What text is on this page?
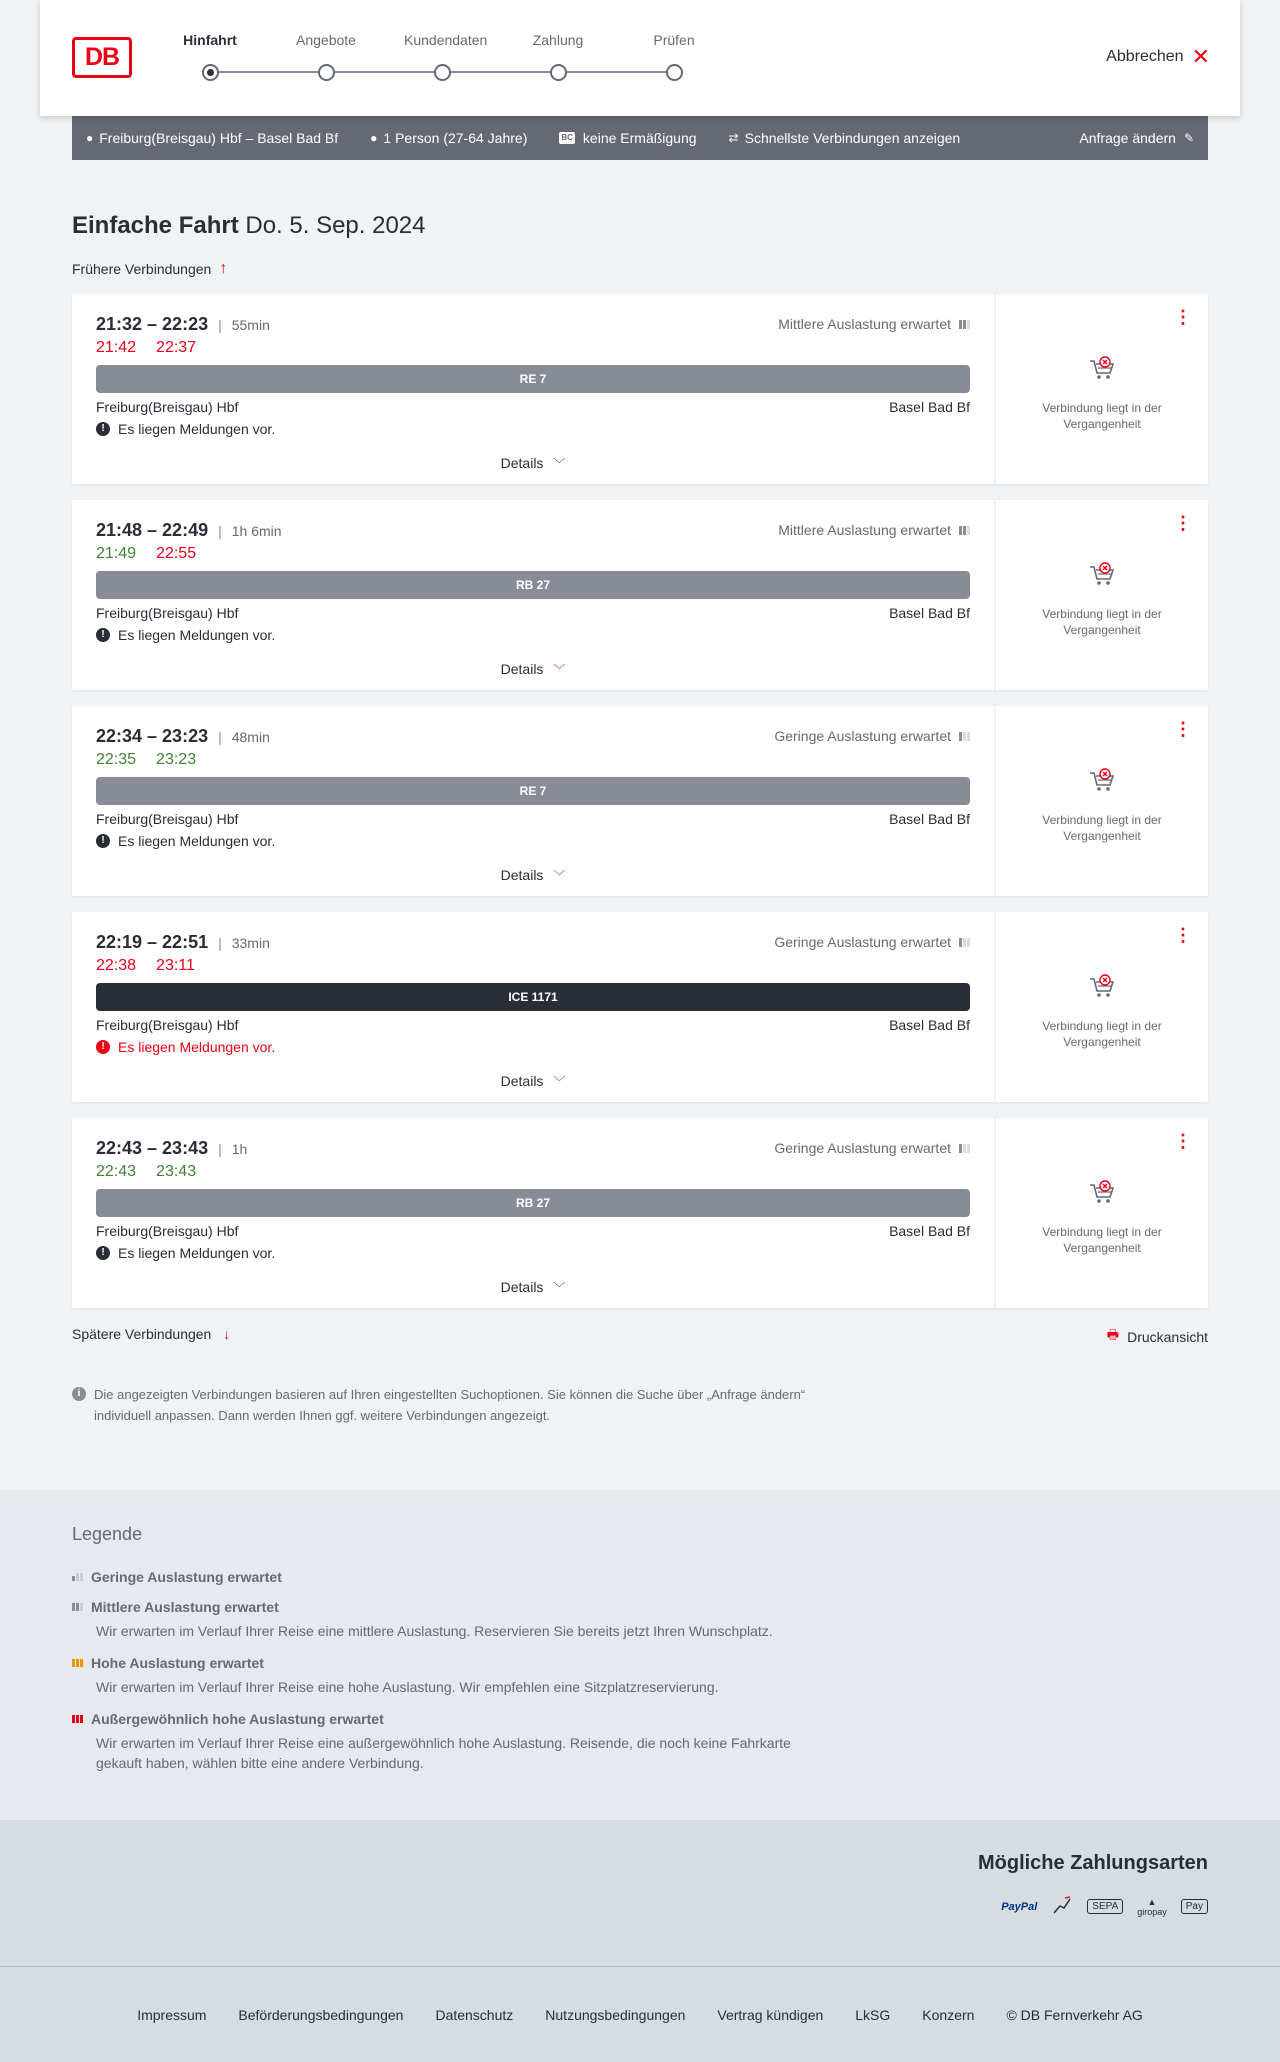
DB
Hinfahrt	Angebote	Kundendaten	Zahlung	Prüfen
Abbrechen ✕
● Freiburg(Breisgau) Hbf – Basel Bad Bf	● 1 Person (27-64 Jahre)	BC keine Ermäßigung	⇄ Schnellste Verbindungen anzeigen	Anfrage ändern ✎
Einfache Fahrt Do. 5. Sep. 2024
Frühere Verbindungen ↑
21:32 – 22:23 | 55min	Mittlere Auslastung erwartet
21:42 22:37
RE 7
Freiburg(Breisgau) Hbf	Basel Bad Bf
! Es liegen Meldungen vor.
Details ﹀
⋮
Verbindung liegt in der Vergangenheit
21:48 – 22:49 | 1h 6min	Mittlere Auslastung erwartet
21:49 22:55
RB 27
Freiburg(Breisgau) Hbf	Basel Bad Bf
! Es liegen Meldungen vor.
Details ﹀
⋮
Verbindung liegt in der Vergangenheit
22:34 – 23:23 | 48min	Geringe Auslastung erwartet
22:35 23:23
RE 7
Freiburg(Breisgau) Hbf	Basel Bad Bf
! Es liegen Meldungen vor.
Details ﹀
⋮
Verbindung liegt in der Vergangenheit
22:19 – 22:51 | 33min	Geringe Auslastung erwartet
22:38 23:11
ICE 1171
Freiburg(Breisgau) Hbf	Basel Bad Bf
! Es liegen Meldungen vor.
Details ﹀
⋮
Verbindung liegt in der Vergangenheit
22:43 – 23:43 | 1h	Geringe Auslastung erwartet
22:43 23:43
RB 27
Freiburg(Breisgau) Hbf	Basel Bad Bf
! Es liegen Meldungen vor.
Details ﹀
⋮
Verbindung liegt in der Vergangenheit
Spätere Verbindungen ↓	🖶 Druckansicht
i	Die angezeigten Verbindungen basieren auf Ihren eingestellten Suchoptionen. Sie können die Suche über „Anfrage ändern“ individuell anpassen. Dann werden Ihnen ggf. weitere Verbindungen angezeigt.
Legende
Geringe Auslastung erwartet
Mittlere Auslastung erwartet
Wir erwarten im Verlauf Ihrer Reise eine mittlere Auslastung. Reservieren Sie bereits jetzt Ihren Wunschplatz.
Hohe Auslastung erwartet
Wir erwarten im Verlauf Ihrer Reise eine hohe Auslastung. Wir empfehlen eine Sitzplatzreservierung.
Außergewöhnlich hohe Auslastung erwartet
Wir erwarten im Verlauf Ihrer Reise eine außergewöhnlich hohe Auslastung. Reisende, die noch keine Fahrkarte gekauft haben, wählen bitte eine andere Verbindung.
Mögliche Zahlungsarten
PayPal	SEPA	▲
giropay	Pay
Impressum Beförderungsbedingungen Datenschutz Nutzungsbedingungen Vertrag kündigen LkSG Konzern © DB Fernverkehr AG
